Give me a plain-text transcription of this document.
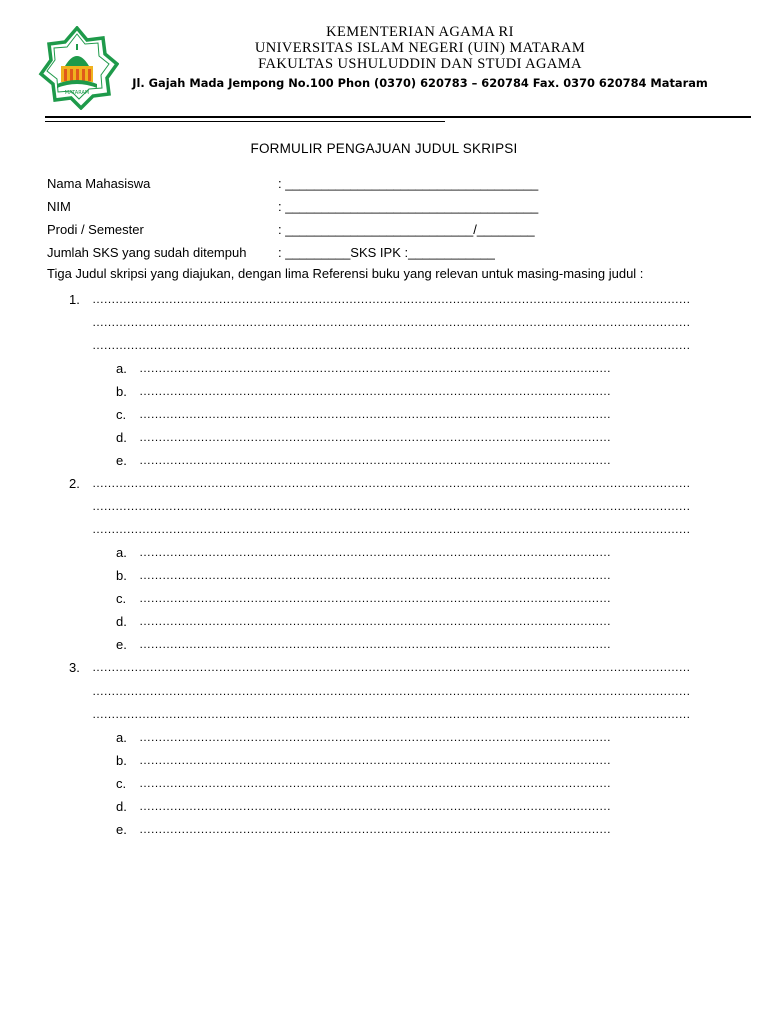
MATARAM
KEMENTERIAN AGAMA RI
UNIVERSITAS ISLAM NEGERI (UIN) MATARAM
FAKULTAS USHULUDDIN DAN STUDI AGAMA
Jl. Gajah Mada Jempong No.100 Phon (0370) 620783 – 620784 Fax. 0370 620784 Mataram
FORMULIR PENGAJUAN JUDUL SKRIPSI
Nama Mahasiswa	: ___________________________________
NIM	: ___________________________________
Prodi / Semester	: __________________________/________
Jumlah SKS yang sudah ditempuh : _________SKS IPK :____________
Tiga Judul skripsi yang diajukan, dengan lima Referensi buku yang relevan untuk masing-masing judul :
1. …………………………………………………………………………………………………………………………………………
…………………………………………………………………………………………………………………………………………
…………………………………………………………………………………………………………………………………………
a. ……………………………………………………………………………………………………………
b. ……………………………………………………………………………………………………………
c. ……………………………………………………………………………………………………………
d. ……………………………………………………………………………………………………………
e. ……………………………………………………………………………………………………………
2. …………………………………………………………………………………………………………………………………………
…………………………………………………………………………………………………………………………………………
…………………………………………………………………………………………………………………………………………
a. ……………………………………………………………………………………………………………
b. ……………………………………………………………………………………………………………
c. ……………………………………………………………………………………………………………
d. ……………………………………………………………………………………………………………
e. ……………………………………………………………………………………………………………
3. …………………………………………………………………………………………………………………………………………
…………………………………………………………………………………………………………………………………………
…………………………………………………………………………………………………………………………………………
a. ……………………………………………………………………………………………………………
b. ……………………………………………………………………………………………………………
c. ……………………………………………………………………………………………………………
d. ……………………………………………………………………………………………………………
e. ……………………………………………………………………………………………………………
